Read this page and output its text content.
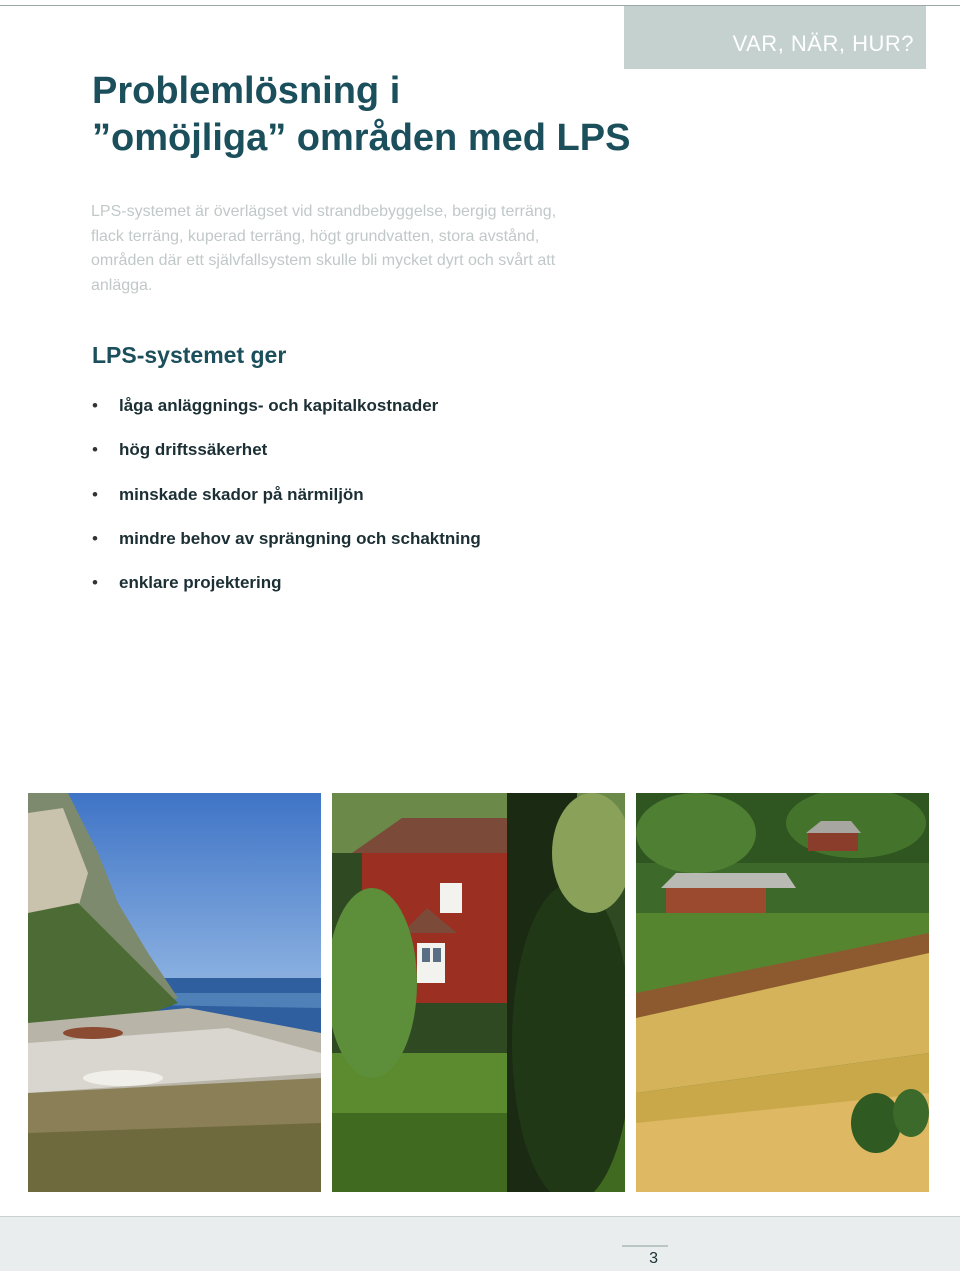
VAR, NÄR, HUR?
Problemlösning i
”omöjliga” områden med LPS

LPS-systemet är överlägset vid strandbebyggelse, bergig terräng, flack terräng, kuperad terräng, högt grundvatten, stora avstånd, områden där ett självfallsystem skulle bli mycket dyrt och svårt att anlägga.

LPS-systemet ger
• låga anläggnings- och kapitalkostnader
• hög driftssäkerhet
• minskade skador på närmiljön
• mindre behov av sprängning och schaktning
• enklare projektering
3
